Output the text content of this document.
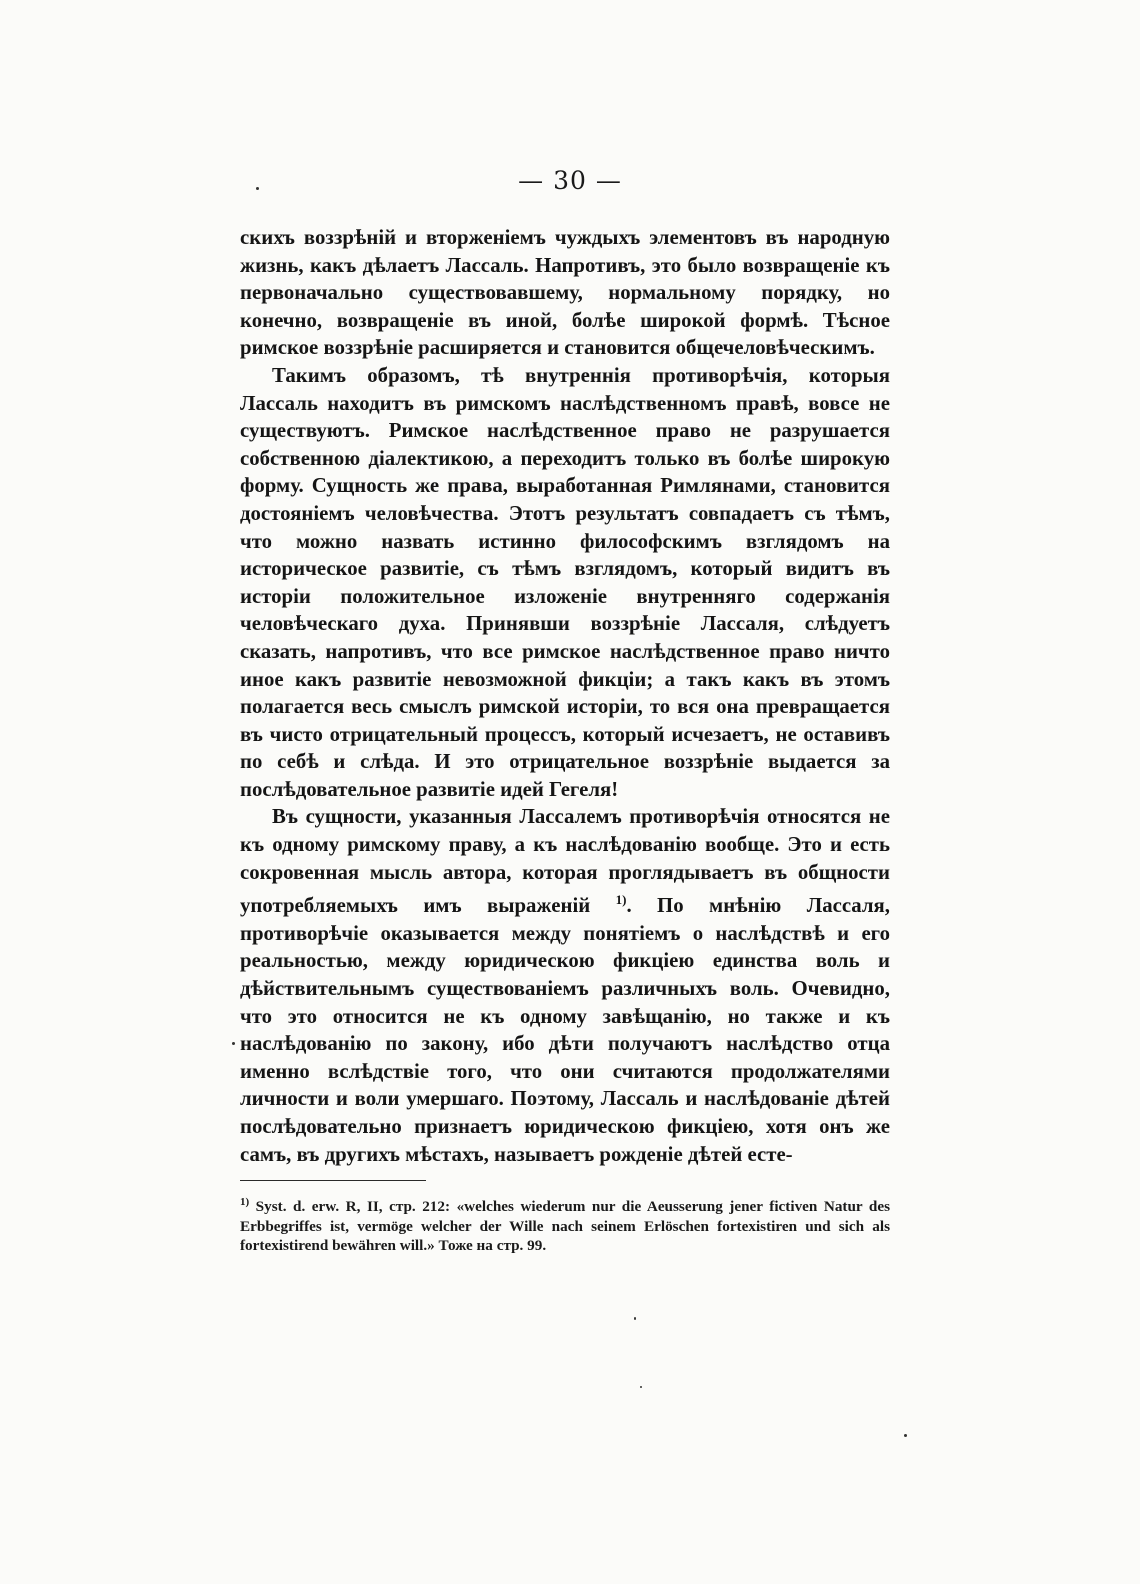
— 30 —

скихъ воззрѣній и вторженіемъ чуждыхъ элементовъ въ народную жизнь, какъ дѣлаетъ Лассаль. Напротивъ, это было возвращеніе къ первоначально существовавшему, нормальному порядку, но конечно, возвращеніе въ иной, болѣе широкой формѣ. Тѣсное римское воззрѣніе расширяется и становится общечеловѣческимъ.

Такимъ образомъ, тѣ внутреннія противорѣчія, которыя Лассаль находитъ въ римскомъ наслѣдственномъ правѣ, вовсе не существуютъ. Римское наслѣдственное право не разрушается собственною діалектикою, а переходитъ только въ болѣе широкую форму. Сущность же права, выработанная Римлянами, становится достояніемъ человѣчества. Этотъ результатъ совпадаетъ съ тѣмъ, что можно назвать истинно философскимъ взглядомъ на историческое развитіе, съ тѣмъ взглядомъ, который видитъ въ исторіи положительное изложеніе внутренняго содержанія человѣческаго духа. Принявши воззрѣніе Лассаля, слѣдуетъ сказать, напротивъ, что все римское наслѣдственное право ничто иное какъ развитіе невозможной фикціи; а такъ какъ въ этомъ полагается весь смыслъ римской исторіи, то вся она превращается въ чисто отрицательный процессъ, который исчезаетъ, не оставивъ по себѣ и слѣда. И это отрицательное воззрѣніе выдается за послѣдовательное развитіе идей Гегеля!

Въ сущности, указанныя Лассалемъ противорѣчія относятся не къ одному римскому праву, а къ наслѣдованію вообще. Это и есть сокровенная мысль автора, которая проглядываетъ въ общности употребляемыхъ имъ выраженій $^{1)}$. По мнѣнію Лассаля, противорѣчіе оказывается между понятіемъ о наслѣдствѣ и его реальностью, между юридическою фикціею единства воль и дѣйствительнымъ существованіемъ различныхъ воль. Очевидно, что это относится не къ одному завѣщанію, но также и къ наслѣдованію по закону, ибо дѣти получаютъ наслѣдство отца именно вслѣдствіе того, что они считаются продолжателями личности и воли умершаго. Поэтому, Лассаль и наслѣдованіе дѣтей послѣдовательно признаетъ юридическою фикціею, хотя онъ же самъ, въ другихъ мѣстахъ, называетъ рожденіе дѣтей есте-

$^{1)}$ Syst. d. erw. R, II, стр. 212: «welches wiederum nur die Aeusserung jener fictiven Natur des Erbbegriffes ist, vermöge welcher der Wille nach seinem Erlöschen fortexistiren und sich als fortexistirend bewähren will.» Тоже на стр. 99.
